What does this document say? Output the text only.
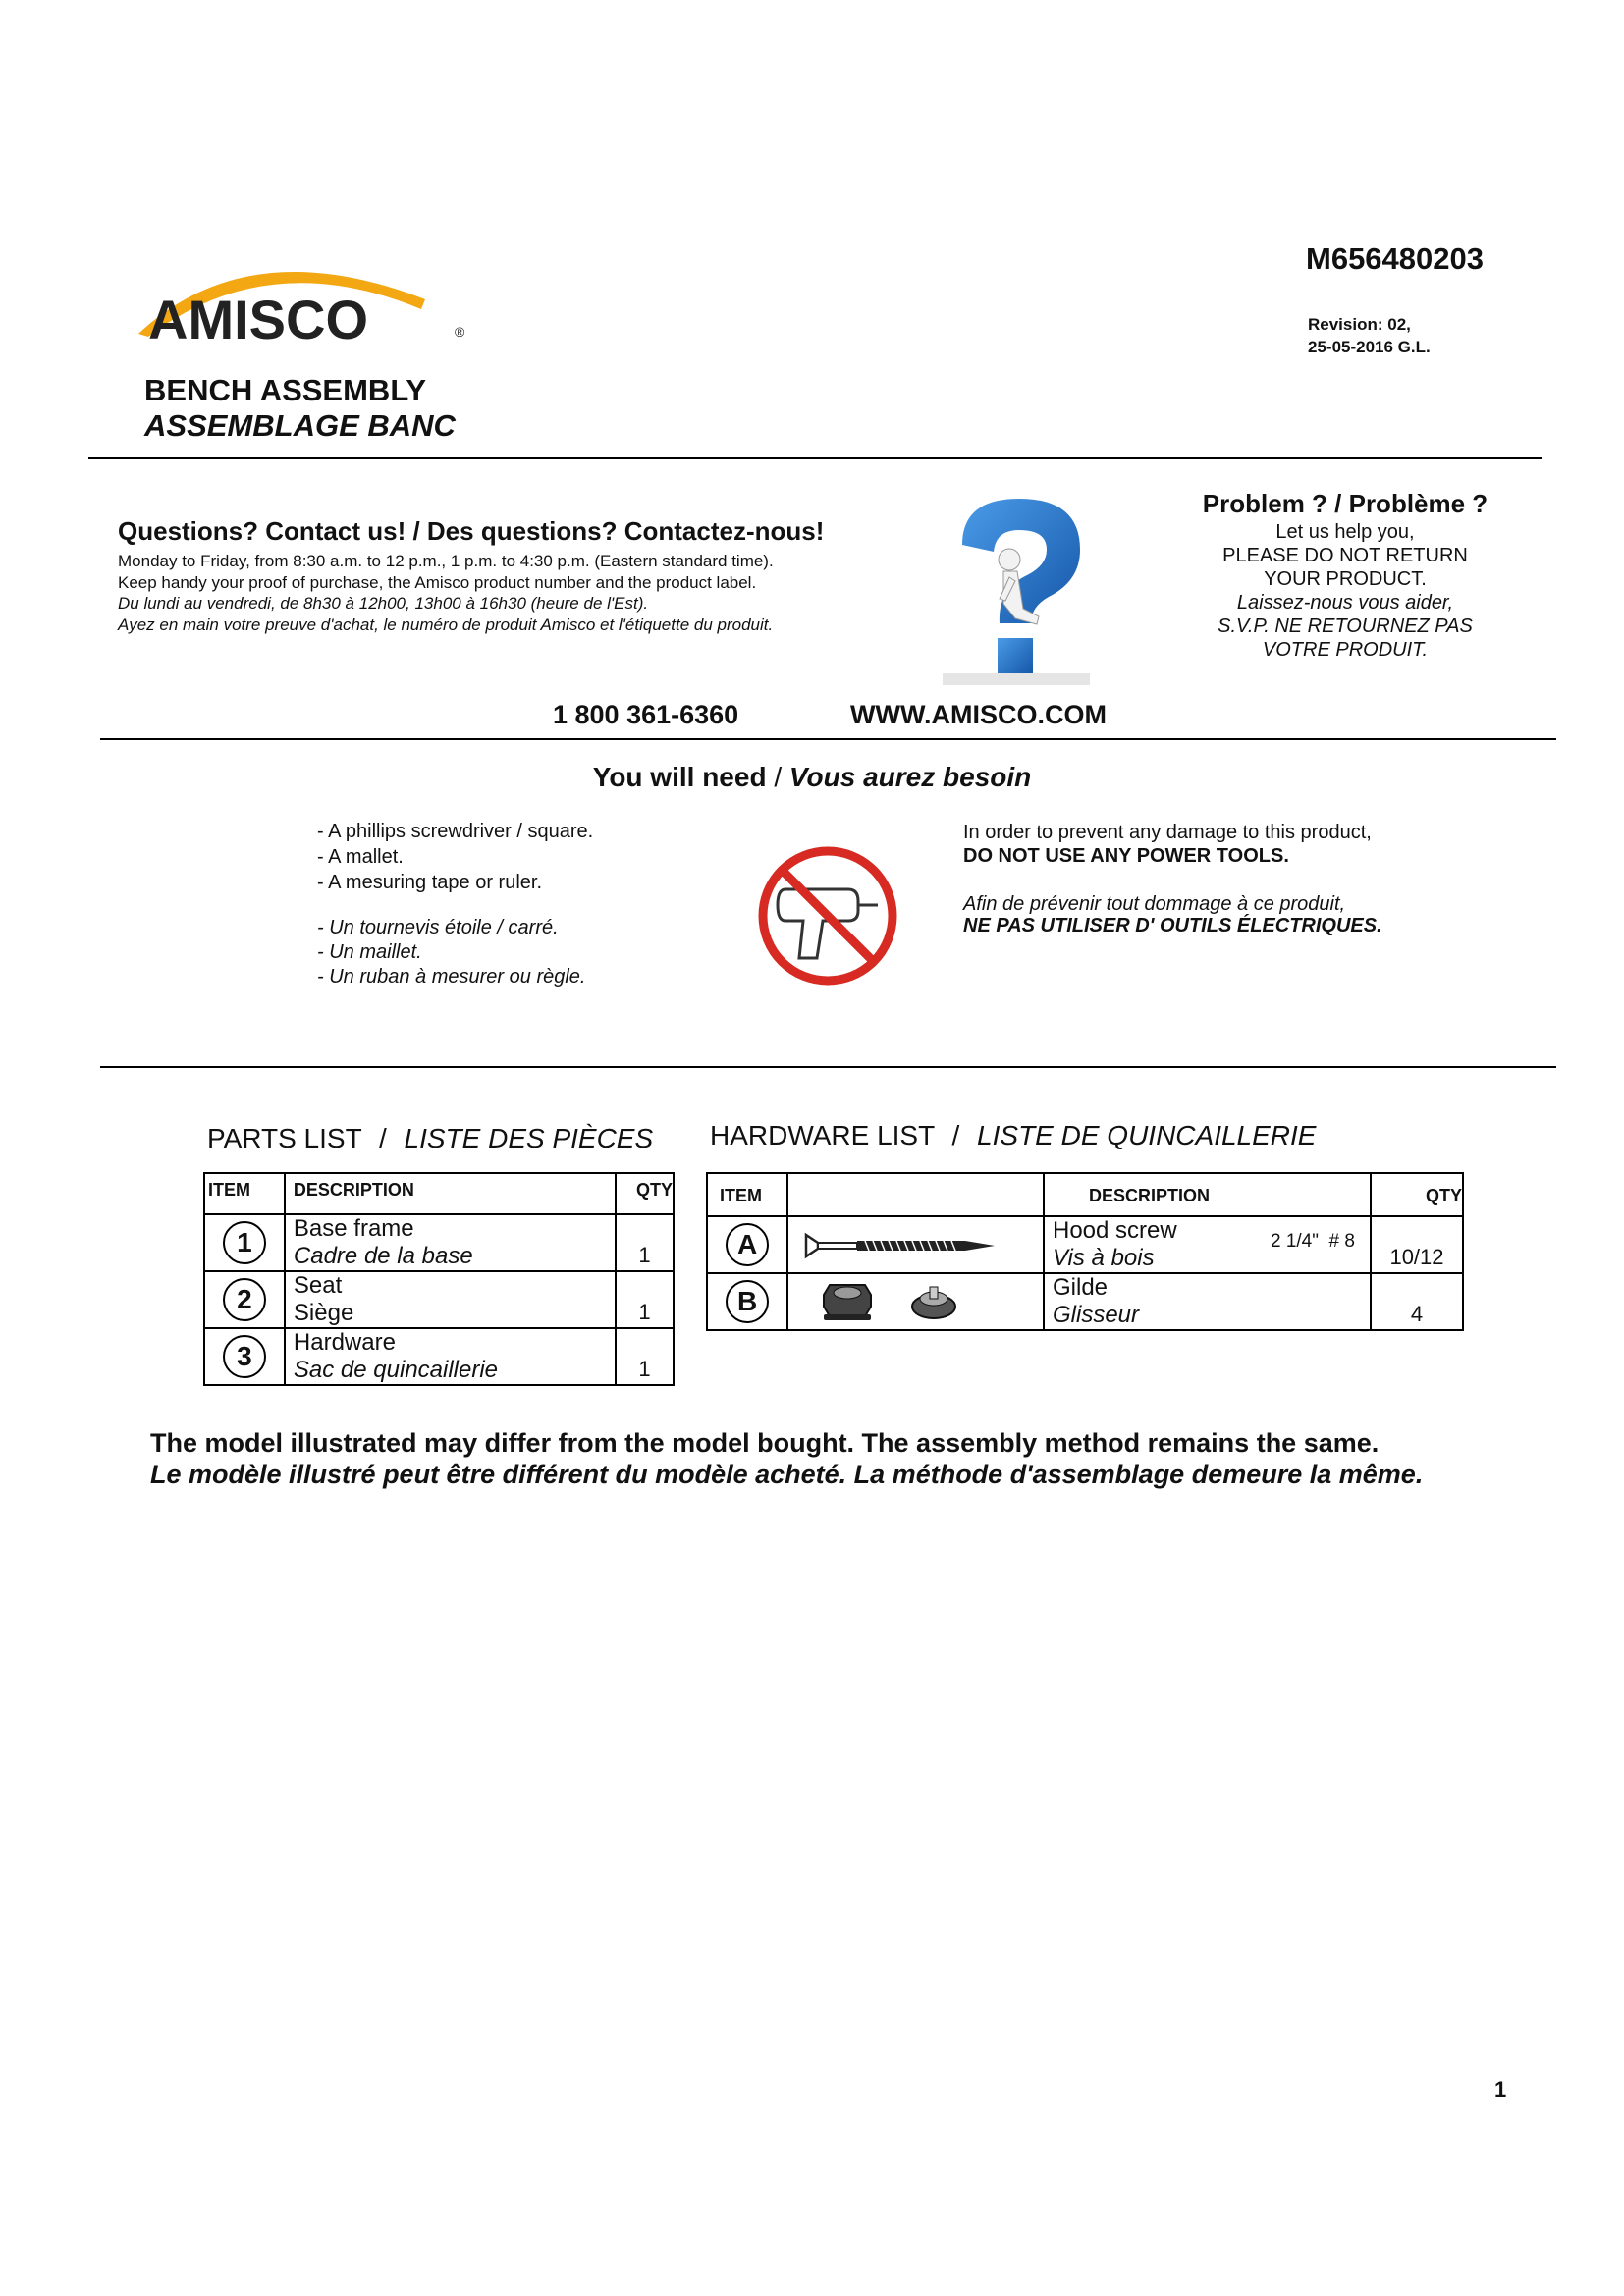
AMISCO	®
M656480203
Revision: 02,
25-05-2016 G.L.
BENCH ASSEMBLY
ASSEMBLAGE BANC
Questions? Contact us! / Des questions? Contactez-nous!
Monday to Friday, from 8:30 a.m. to 12 p.m., 1 p.m. to 4:30 p.m. (Eastern standard time).
Keep handy your proof of purchase, the Amisco product number and the product label.
Du lundi au vendredi, de 8h30 à 12h00, 13h00 à 16h30 (heure de l'Est).
Ayez en main votre preuve d'achat, le numéro de produit Amisco et l'étiquette du produit.
Problem ? / Problème ?
Let us help you,
PLEASE DO NOT RETURN
YOUR PRODUCT.
Laissez-nous vous aider,
S.V.P. NE RETOURNEZ PAS
VOTRE PRODUIT.
1 800 361-6360	WWW.AMISCO.COM
You will need / Vous aurez besoin
- A phillips screwdriver / square.
- A mallet.
- A mesuring tape or ruler.
- Un tournevis étoile / carré.
- Un maillet.
- Un ruban à mesurer ou règle.
In order to prevent any damage to this product,
DO NOT USE ANY POWER TOOLS.
Afin de prévenir tout dommage à ce produit,
NE PAS UTILISER D' OUTILS ÉLECTRIQUES.
PARTS LIST / LISTE DES PIÈCES
ITEM	DESCRIPTION	QTY
1	Base frame
Cadre de la base	1
2	Seat
Siège	1
3	Hardware
Sac de quincaillerie	1
HARDWARE LIST / LISTE DE QUINCAILLERIE
ITEM		DESCRIPTION	QTY
A		Hood screw
Vis à bois
2 1/4"  # 8	10/12
B		Gilde
Glisseur	4
The model illustrated may differ from the model bought. The assembly method remains the same.
Le modèle illustré peut être différent du modèle acheté. La méthode d'assemblage demeure la même.
1
